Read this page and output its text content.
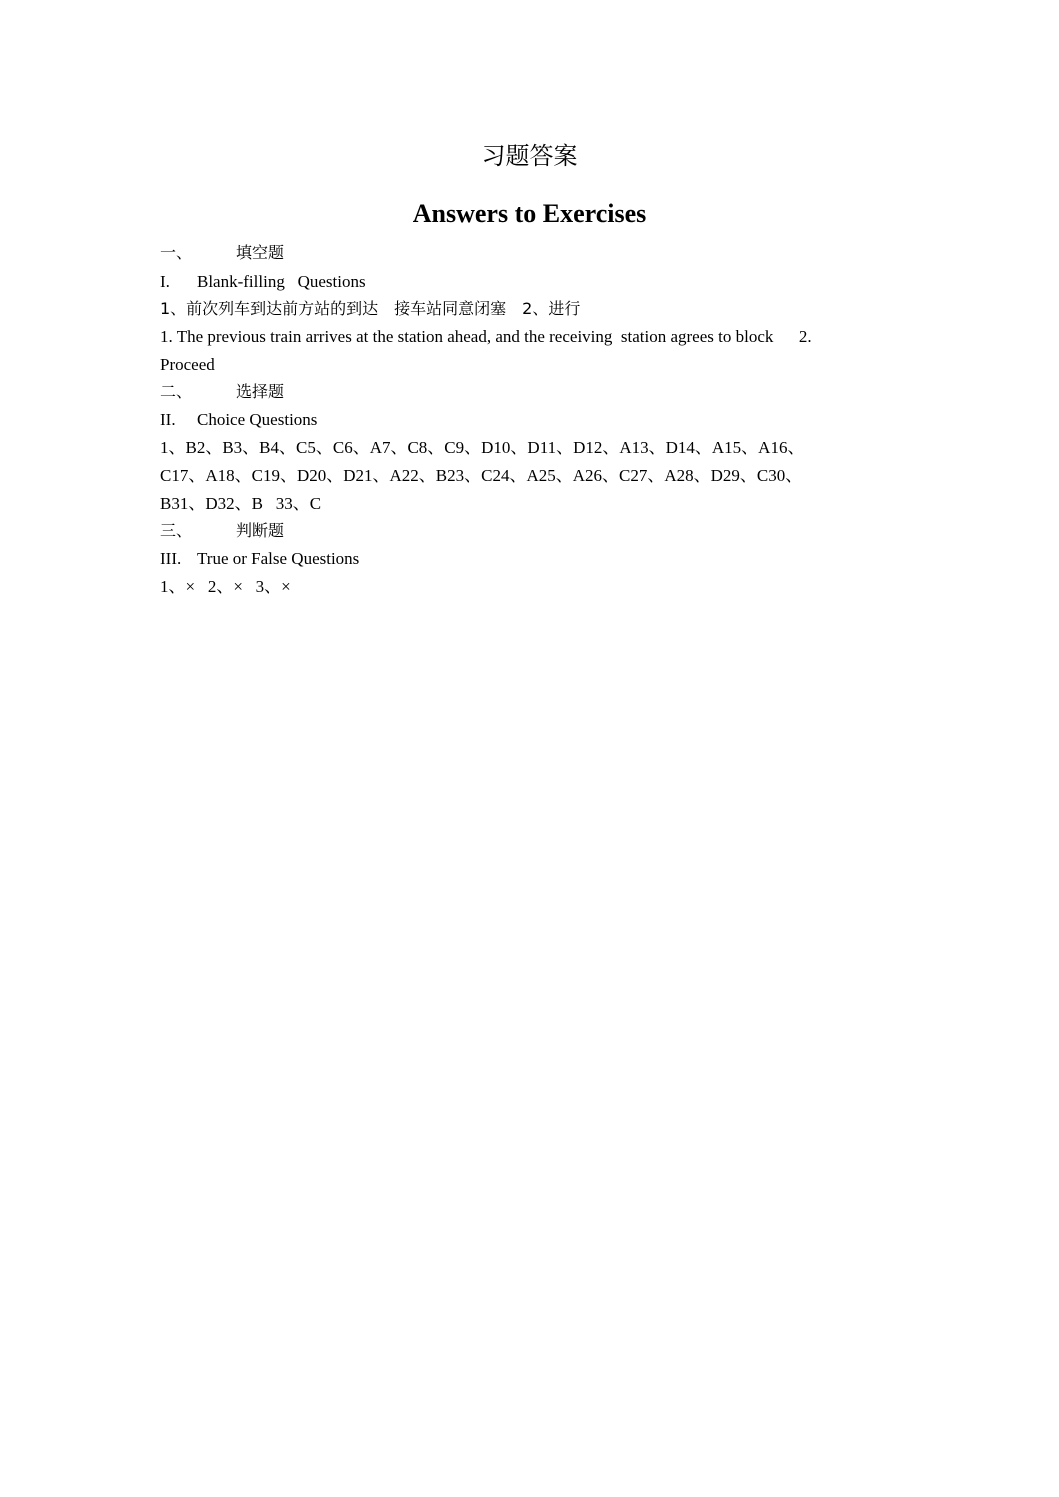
习题答案
Answers to Exercises
一、	填空题
I. Blank-filling   Questions
1、前次列车到达前方站的到达　接车站同意闭塞　2、进行
1. The previous train arrives at the station ahead, and the receiving  station agrees to block      2.
Proceed
二、	选择题
II. Choice Questions
1、B2、B3、B4、C5、C6、A7、C8、C9、D10、D11、D12、A13、D14、A15、A16、
C17、A18、C19、D20、D21、A22、B23、C24、A25、A26、C27、A28、D29、C30、
B31、D32、B   33、C
三、	判断题
III. True or False Questions
1、×   2、×   3、×
